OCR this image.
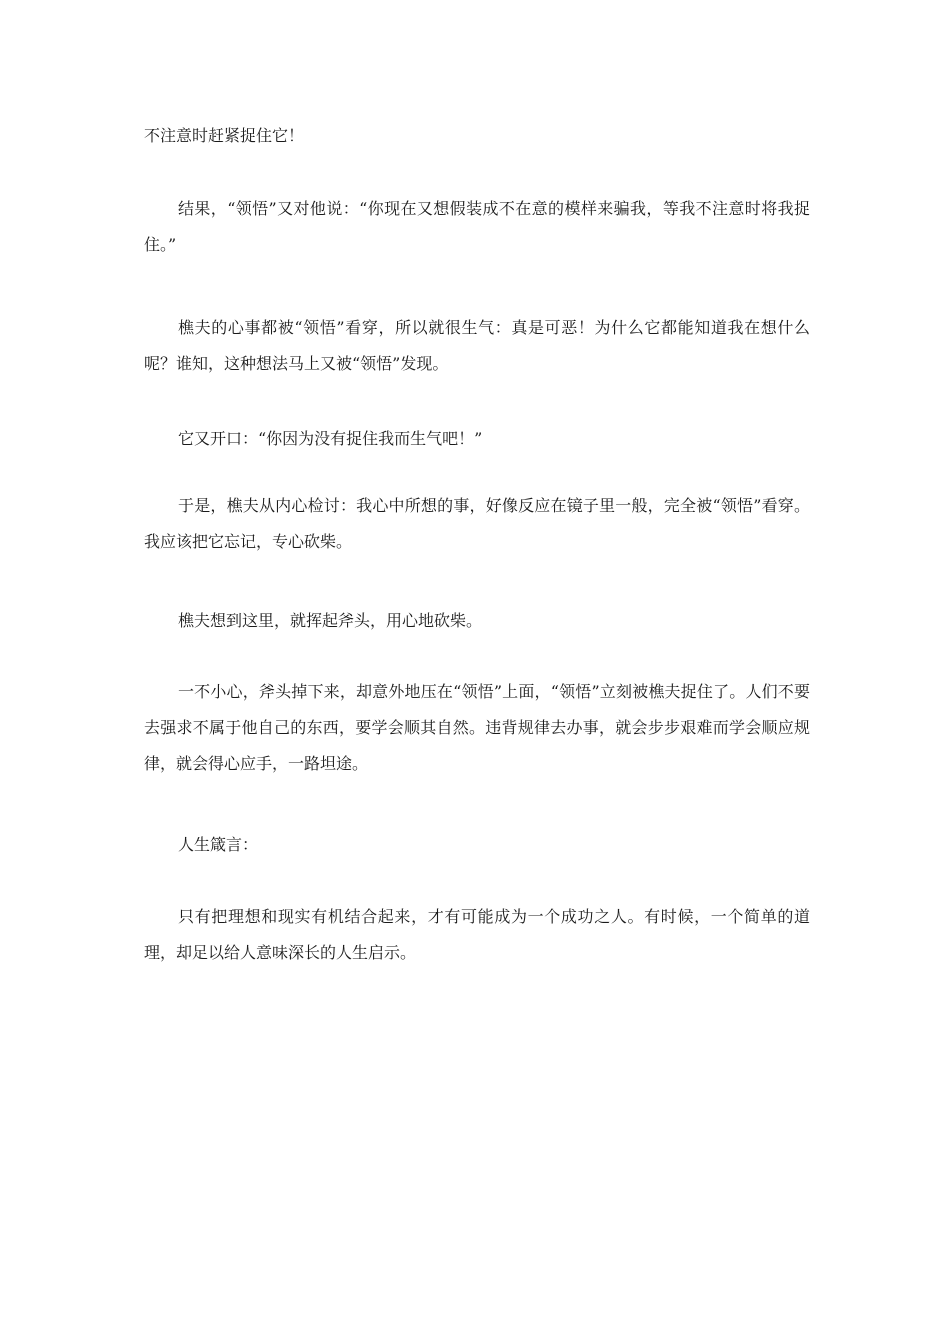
不注意时赶紧捉住它！

结果，“领悟”又对他说：“你现在又想假装成不在意的模样来骗我，等我不注意时将我捉住。”

樵夫的心事都被“领悟”看穿，所以就很生气：真是可恶！为什么它都能知道我在想什么呢？谁知，这种想法马上又被“领悟”发现。

它又开口：“你因为没有捉住我而生气吧！”

于是，樵夫从内心检讨：我心中所想的事，好像反应在镜子里一般，完全被“领悟”看穿。我应该把它忘记，专心砍柴。

樵夫想到这里，就挥起斧头，用心地砍柴。

一不小心，斧头掉下来，却意外地压在“领悟”上面，“领悟”立刻被樵夫捉住了。人们不要去强求不属于他自己的东西，要学会顺其自然。违背规律去办事，就会步步艰难而学会顺应规律，就会得心应手，一路坦途。

人生箴言：

只有把理想和现实有机结合起来，才有可能成为一个成功之人。有时候，一个简单的道理，却足以给人意味深长的人生启示。
